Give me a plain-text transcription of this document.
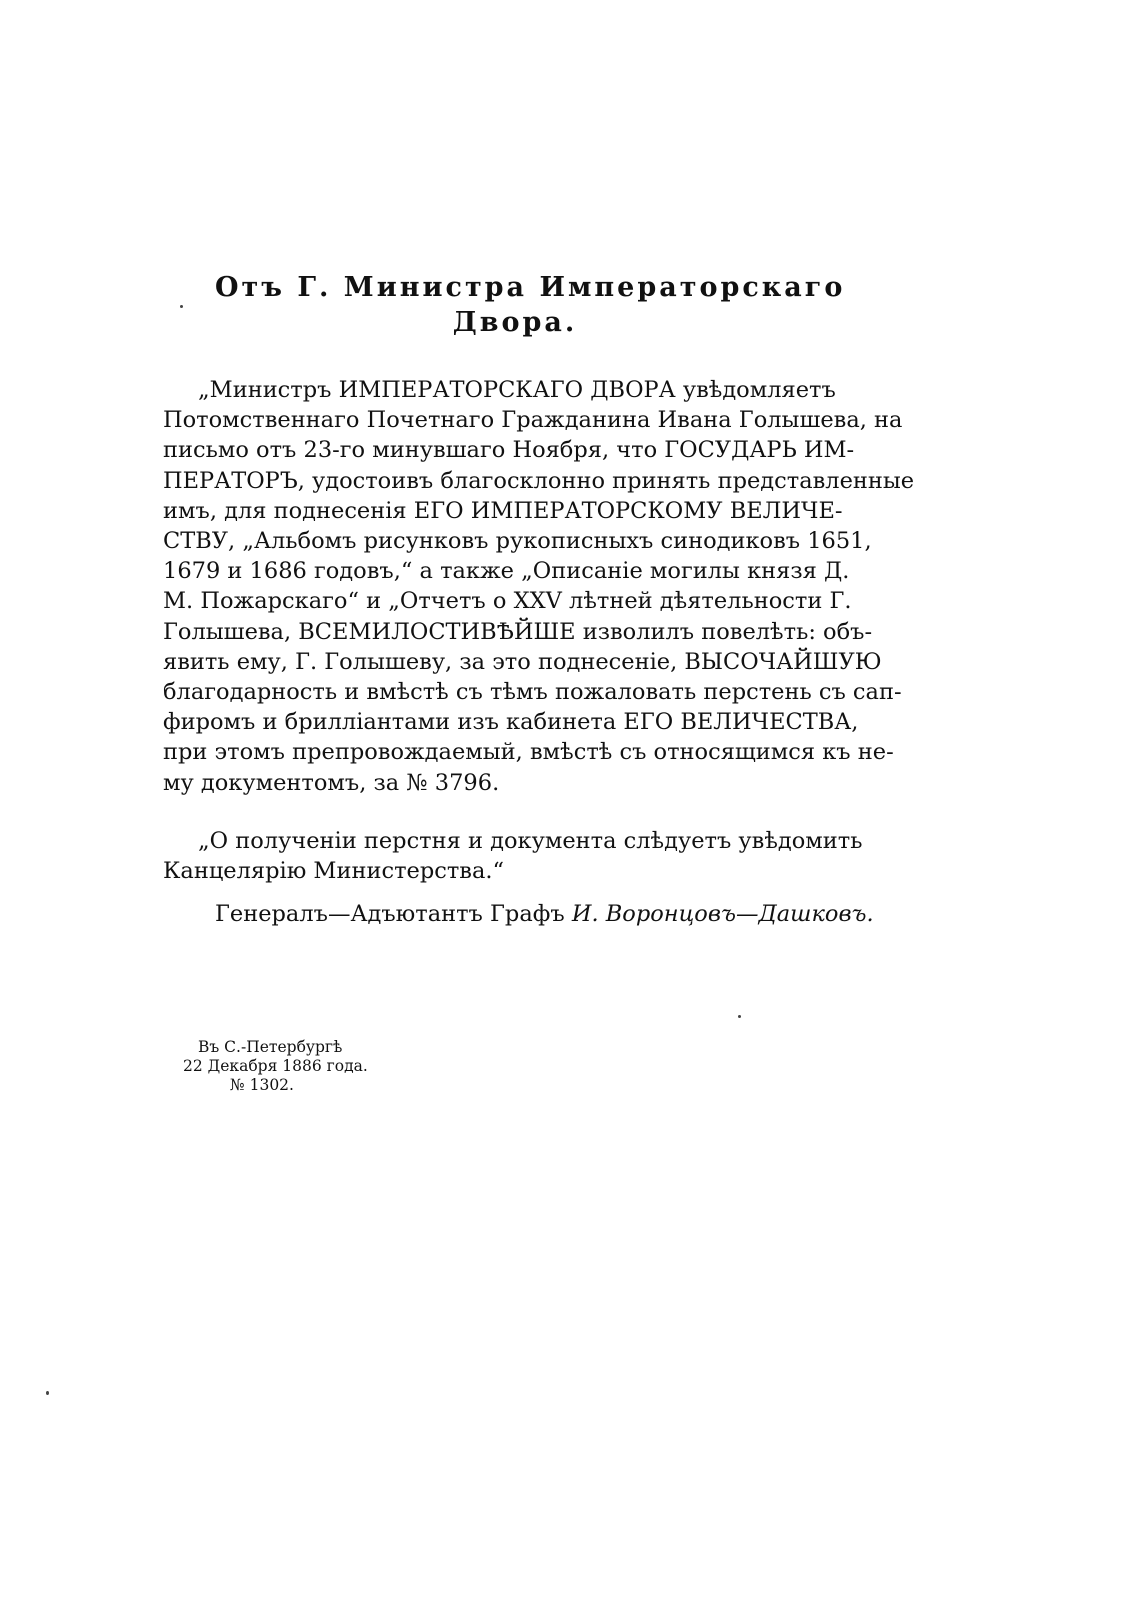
Отъ Г. Министра Императорскаго
Двора.
„Министръ ИМПЕРАТОРСКАГО ДВОРА увѣдомляетъ
Потомственнаго Почетнаго Гражданина Ивана Голышева, на
письмо отъ 23-го минувшаго Ноября, что ГОСУДАРЬ ИМ-
ПЕРАТОРЪ, удостоивъ благосклонно принять представленные
имъ, для поднесенія ЕГО ИМПЕРАТОРСКОМУ ВЕЛИЧЕ-
СТВУ, „Альбомъ рисунковъ рукописныхъ синодиковъ 1651,
1679 и 1686 годовъ,“ а также „Описаніе могилы князя Д.
М. Пожарскаго“ и „Отчетъ о XXV лѣтней дѣятельности Г.
Голышева, ВСЕМИЛОСТИВѢЙШЕ изволилъ повелѣть: объ-
явить ему, Г. Голышеву, за это поднесеніе, ВЫСОЧАЙШУЮ
благодарность и вмѣстѣ съ тѣмъ пожаловать перстень съ сап-
фиромъ и бриллiантами изъ кабинета ЕГО ВЕЛИЧЕСТВА,
при этомъ препровождаемый, вмѣстѣ съ относящимся къ не-
му документомъ, за № 3796.
„О полученіи перстня и документа слѣдуетъ увѣдомить
Канцелярію Министерства.“
Генералъ—Адъютантъ Графъ И. Воронцовъ—Дашковъ.
Въ С.-Петербургѣ
22 Декабря 1886 года.
№ 1302.
